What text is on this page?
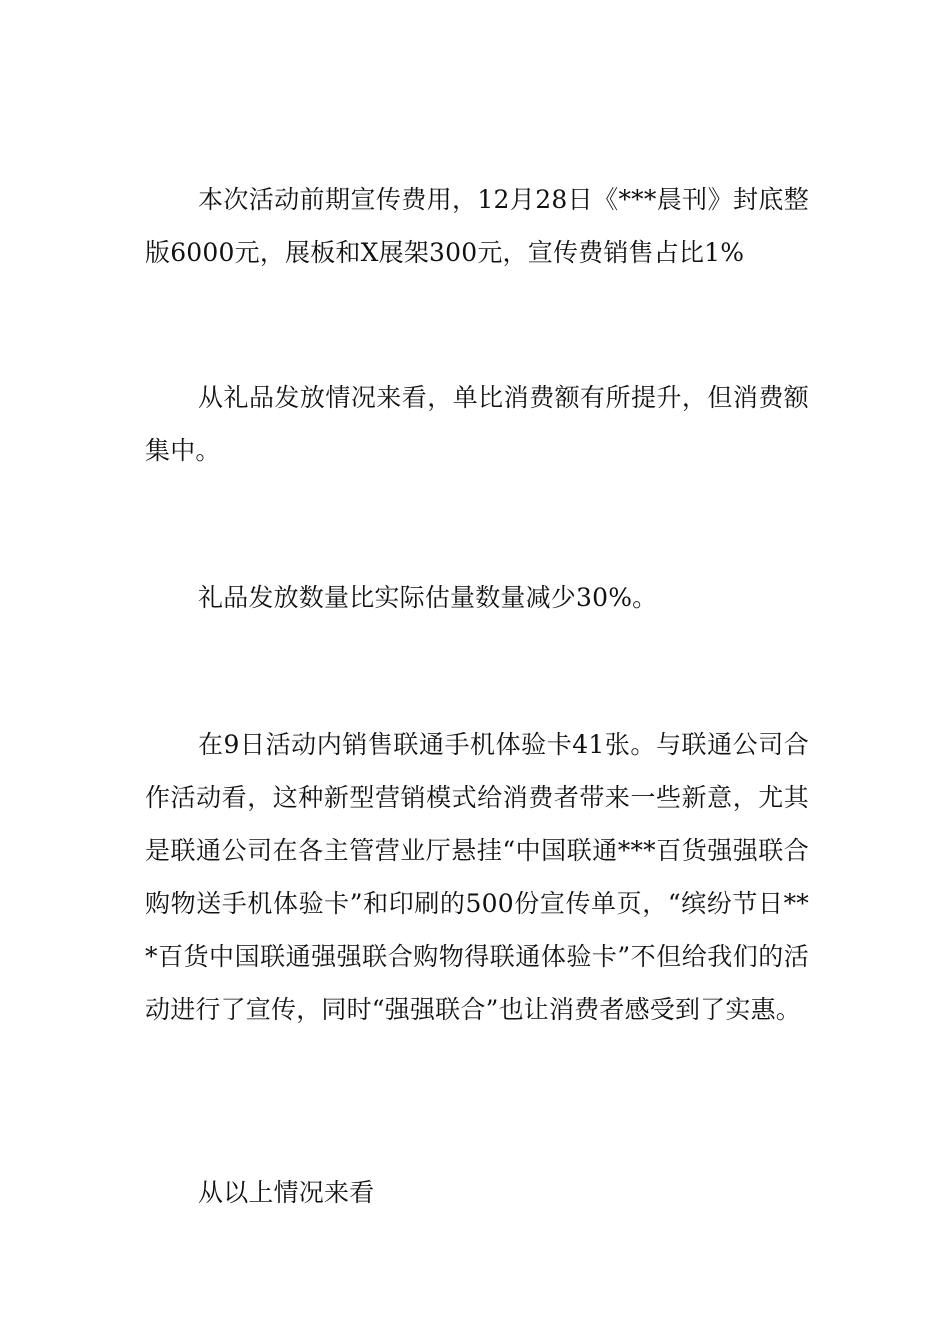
本次活动前期宣传费用，12月28日《***晨刊》封底整版6000元，展板和X展架300元，宣传费销售占比1%

从礼品发放情况来看，单比消费额有所提升，但消费额集中。

礼品发放数量比实际估量数量减少30%。

在9日活动内销售联通手机体验卡41张。与联通公司合作活动看，这种新型营销模式给消费者带来一些新意，尤其是联通公司在各主管营业厅悬挂“中国联通***百货强强联合购物送手机体验卡”和印刷的500份宣传单页，“缤纷节日***百货中国联通强强联合购物得联通体验卡”不但给我们的活动进行了宣传，同时“强强联合”也让消费者感受到了实惠。

从以上情况来看
